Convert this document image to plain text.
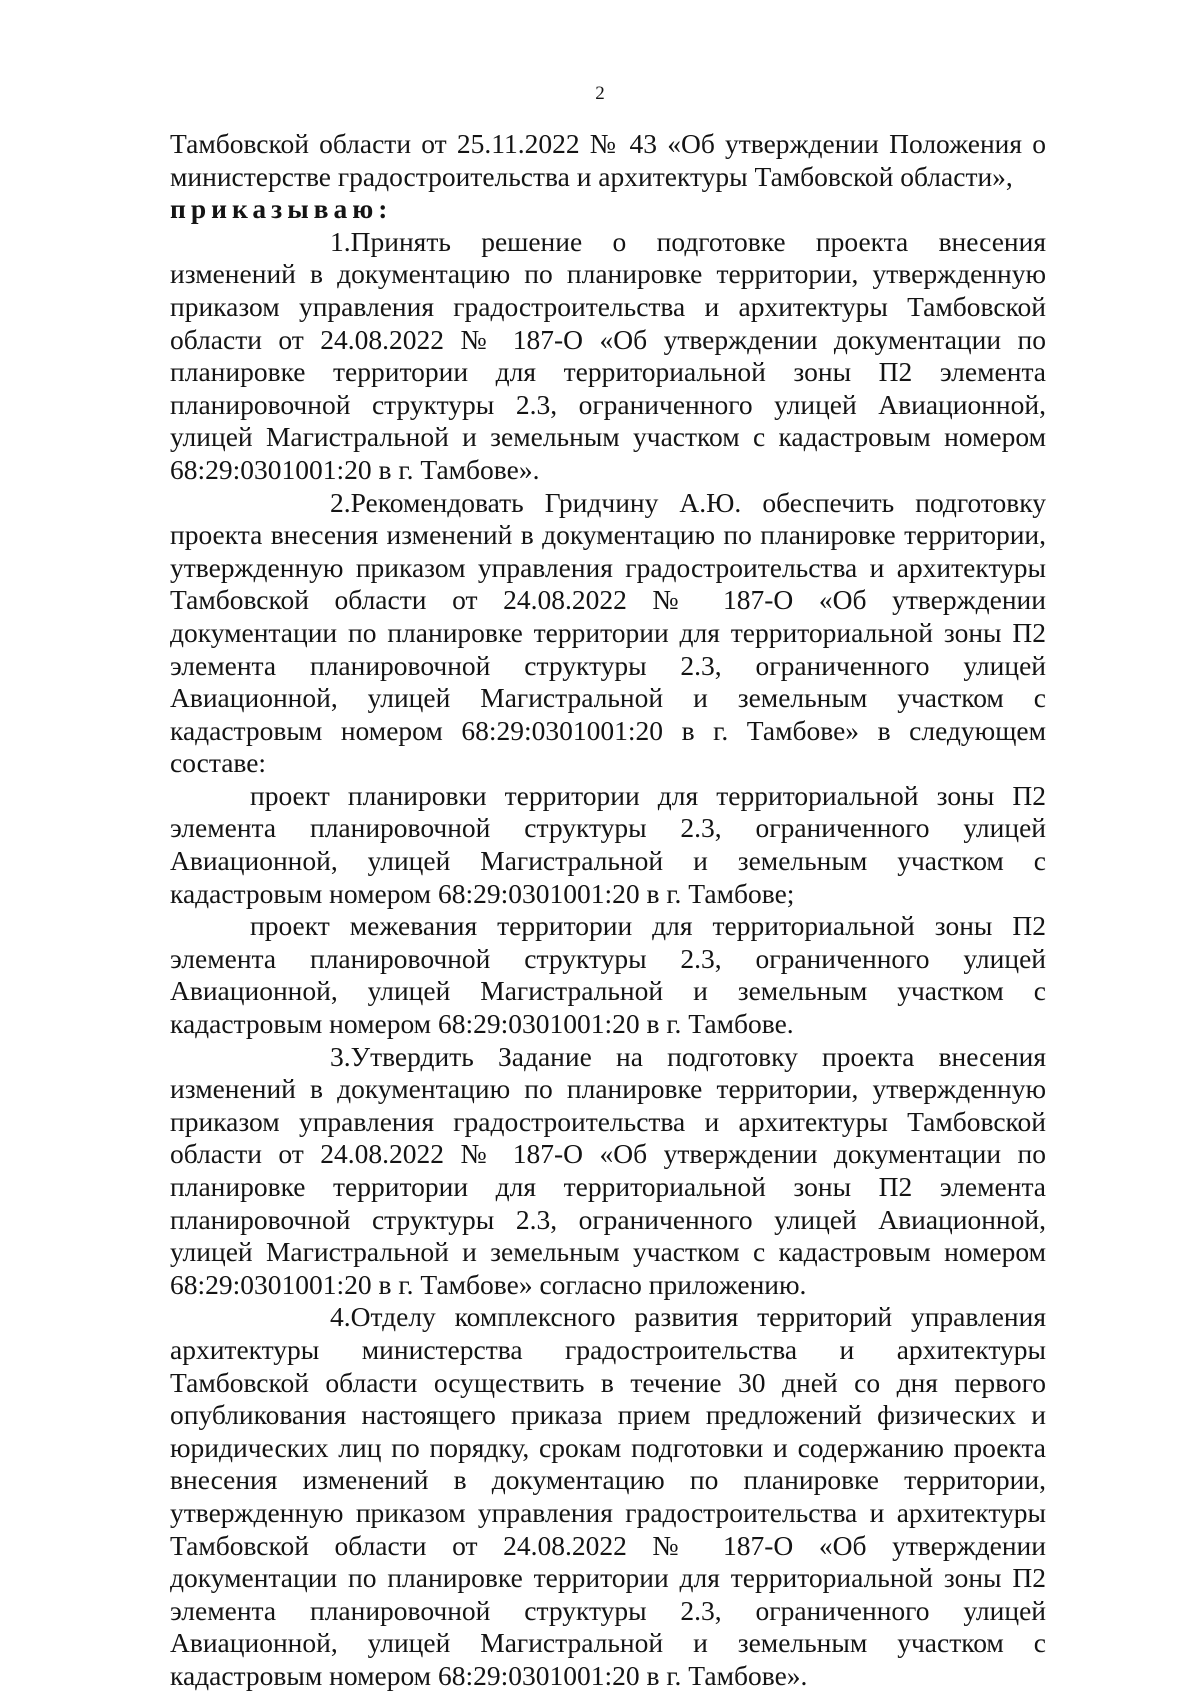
2

Тамбовской области от 25.11.2022 № 43 «Об утверждении Положения о министерстве градостроительства и архитектуры Тамбовской области»,
приказываю:

1.Принять решение о подготовке проекта внесения изменений в документацию по планировке территории, утвержденную приказом управления градостроительства и архитектуры Тамбовской области от 24.08.2022 № 187-О «Об утверждении документации по планировке территории для территориальной зоны П2 элемента планировочной структуры 2.3, ограниченного улицей Авиационной, улицей Магистральной и земельным участком с кадастровым номером 68:29:0301001:20 в г. Тамбове».

2.Рекомендовать Гридчину А.Ю. обеспечить подготовку проекта внесения изменений в документацию по планировке территории, утвержденную приказом управления градостроительства и архитектуры Тамбовской области от 24.08.2022 № 187-О «Об утверждении документации по планировке территории для территориальной зоны П2 элемента планировочной структуры 2.3, ограниченного улицей Авиационной, улицей Магистральной и земельным участком с кадастровым номером 68:29:0301001:20 в г. Тамбове» в следующем составе:

проект планировки территории для территориальной зоны П2 элемента планировочной структуры 2.3, ограниченного улицей Авиационной, улицей Магистральной и земельным участком с кадастровым номером 68:29:0301001:20 в г. Тамбове;

проект межевания территории для территориальной зоны П2 элемента планировочной структуры 2.3, ограниченного улицей Авиационной, улицей Магистральной и земельным участком с кадастровым номером 68:29:0301001:20 в г. Тамбове.

3.Утвердить Задание на подготовку проекта внесения изменений в документацию по планировке территории, утвержденную приказом управления градостроительства и архитектуры Тамбовской области от 24.08.2022 № 187-О «Об утверждении документации по планировке территории для территориальной зоны П2 элемента планировочной структуры 2.3, ограниченного улицей Авиационной, улицей Магистральной и земельным участком с кадастровым номером 68:29:0301001:20 в г. Тамбове» согласно приложению.

4.Отделу комплексного развития территорий управления архитектуры министерства градостроительства и архитектуры Тамбовской области осуществить в течение 30 дней со дня первого опубликования настоящего приказа прием предложений физических и юридических лиц по порядку, срокам подготовки и содержанию проекта внесения изменений в документацию по планировке территории, утвержденную приказом управления градостроительства и архитектуры Тамбовской области от 24.08.2022 № 187-О «Об утверждении документации по планировке территории для территориальной зоны П2 элемента планировочной структуры 2.3, ограниченного улицей Авиационной, улицей Магистральной и земельным участком с кадастровым номером 68:29:0301001:20 в г. Тамбове».
